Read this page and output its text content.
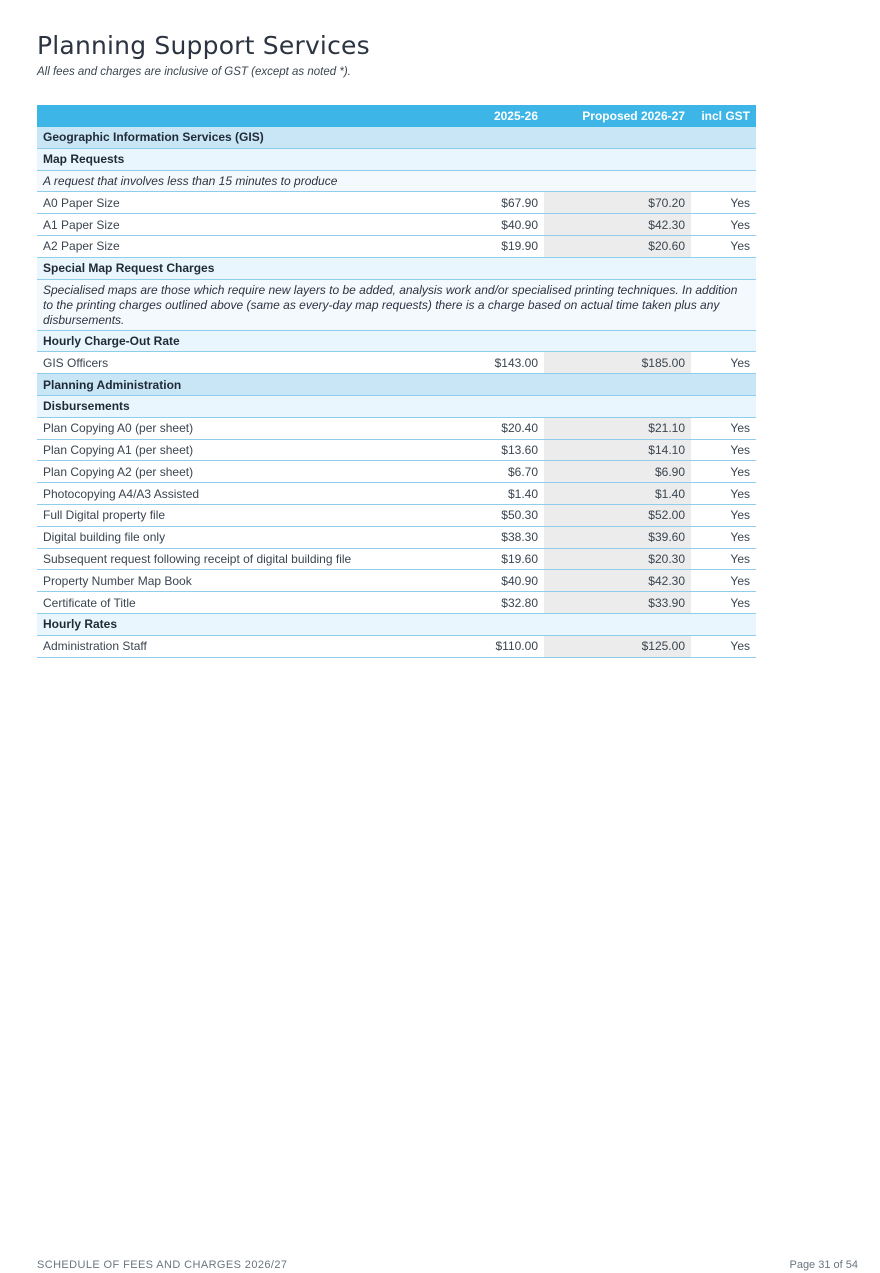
Planning Support Services
All fees and charges are inclusive of GST (except as noted *).
	2025-26	Proposed 2026-27	incl GST
Geographic Information Services (GIS)			
Map Requests			
A request that involves less than 15 minutes to produce			
A0 Paper Size	$67.90	$70.20	Yes
A1 Paper Size	$40.90	$42.30	Yes
A2 Paper Size	$19.90	$20.60	Yes
Special Map Request Charges			
Specialised maps are those which require new layers to be added, analysis work and/or specialised printing techniques. In addition to the printing charges outlined above (same as every-day map requests) there is a charge based on actual time taken plus any disbursements.			
Hourly Charge-Out Rate			
GIS Officers	$143.00	$185.00	Yes
Planning Administration			
Disbursements			
Plan Copying A0 (per sheet)	$20.40	$21.10	Yes
Plan Copying A1 (per sheet)	$13.60	$14.10	Yes
Plan Copying A2 (per sheet)	$6.70	$6.90	Yes
Photocopying A4/A3 Assisted	$1.40	$1.40	Yes
Full Digital property file	$50.30	$52.00	Yes
Digital building file only	$38.30	$39.60	Yes
Subsequent request following receipt of digital building file	$19.60	$20.30	Yes
Property Number Map Book	$40.90	$42.30	Yes
Certificate of Title	$32.80	$33.90	Yes
Hourly Rates			
Administration Staff	$110.00	$125.00	Yes
SCHEDULE OF FEES AND CHARGES 2026/27	Page 31 of 54
